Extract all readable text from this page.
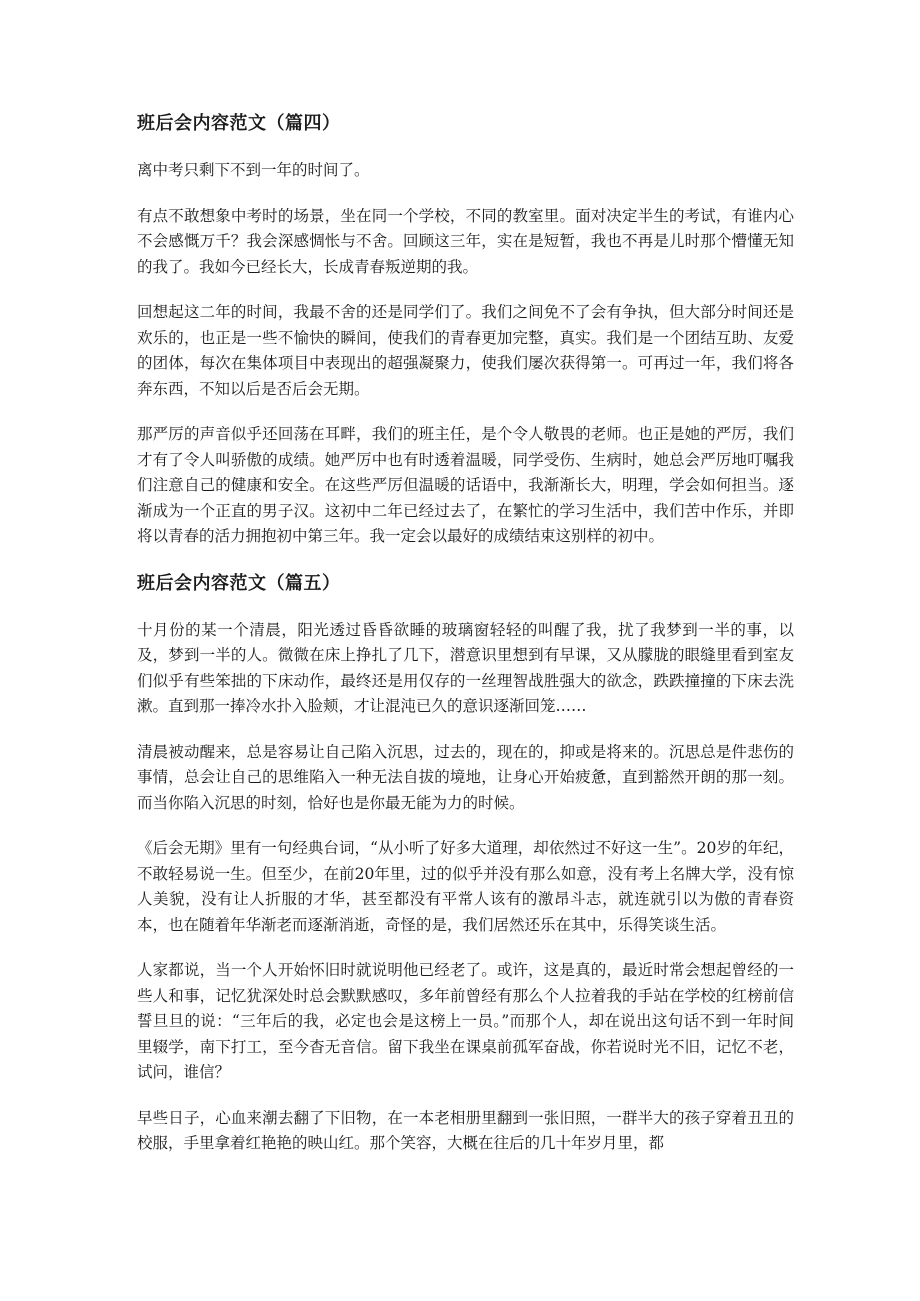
班后会内容范文（篇四）

离中考只剩下不到一年的时间了。

有点不敢想象中考时的场景，坐在同一个学校，不同的教室里。面对决定半生的考试，有谁内心不会感慨万千？我会深感惆怅与不舍。回顾这三年，实在是短暂，我也不再是儿时那个懵懂无知的我了。我如今已经长大，长成青春叛逆期的我。

回想起这二年的时间，我最不舍的还是同学们了。我们之间免不了会有争执，但大部分时间还是欢乐的，也正是一些不愉快的瞬间，使我们的青春更加完整，真实。我们是一个团结互助、友爱的团体，每次在集体项目中表现出的超强凝聚力，使我们屡次获得第一。可再过一年，我们将各奔东西，不知以后是否后会无期。

那严厉的声音似乎还回荡在耳畔，我们的班主任，是个令人敬畏的老师。也正是她的严厉，我们才有了令人叫骄傲的成绩。她严厉中也有时透着温暖，同学受伤、生病时，她总会严厉地叮嘱我们注意自己的健康和安全。在这些严厉但温暖的话语中，我渐渐长大，明理，学会如何担当。逐渐成为一个正直的男子汉。这初中二年已经过去了，在繁忙的学习生活中，我们苦中作乐，并即将以青春的活力拥抱初中第三年。我一定会以最好的成绩结束这别样的初中。

班后会内容范文（篇五）

十月份的某一个清晨，阳光透过昏昏欲睡的玻璃窗轻轻的叫醒了我，扰了我梦到一半的事，以及，梦到一半的人。微微在床上挣扎了几下，潜意识里想到有早课，又从朦胧的眼缝里看到室友们似乎有些笨拙的下床动作，最终还是用仅存的一丝理智战胜强大的欲念，跌跌撞撞的下床去洗漱。直到那一捧冷水扑入脸颊，才让混沌已久的意识逐渐回笼……

清晨被动醒来，总是容易让自己陷入沉思，过去的，现在的，抑或是将来的。沉思总是件悲伤的事情，总会让自己的思维陷入一种无法自拔的境地，让身心开始疲惫，直到豁然开朗的那一刻。而当你陷入沉思的时刻，恰好也是你最无能为力的时候。

《后会无期》里有一句经典台词，“从小听了好多大道理，却依然过不好这一生”。20岁的年纪，不敢轻易说一生。但至少，在前20年里，过的似乎并没有那么如意，没有考上名牌大学，没有惊人美貌，没有让人折服的才华，甚至都没有平常人该有的激昂斗志，就连就引以为傲的青春资本，也在随着年华渐老而逐渐消逝，奇怪的是，我们居然还乐在其中，乐得笑谈生活。

人家都说，当一个人开始怀旧时就说明他已经老了。或许，这是真的，最近时常会想起曾经的一些人和事，记忆犹深处时总会默默感叹，多年前曾经有那么个人拉着我的手站在学校的红榜前信誓旦旦的说：“三年后的我，必定也会是这榜上一员。”而那个人，却在说出这句话不到一年时间里辍学，南下打工，至今杳无音信。留下我坐在课桌前孤军奋战，你若说时光不旧，记忆不老，试问，谁信？

早些日子，心血来潮去翻了下旧物，在一本老相册里翻到一张旧照，一群半大的孩子穿着丑丑的校服，手里拿着红艳艳的映山红。那个笑容，大概在往后的几十年岁月里，都
